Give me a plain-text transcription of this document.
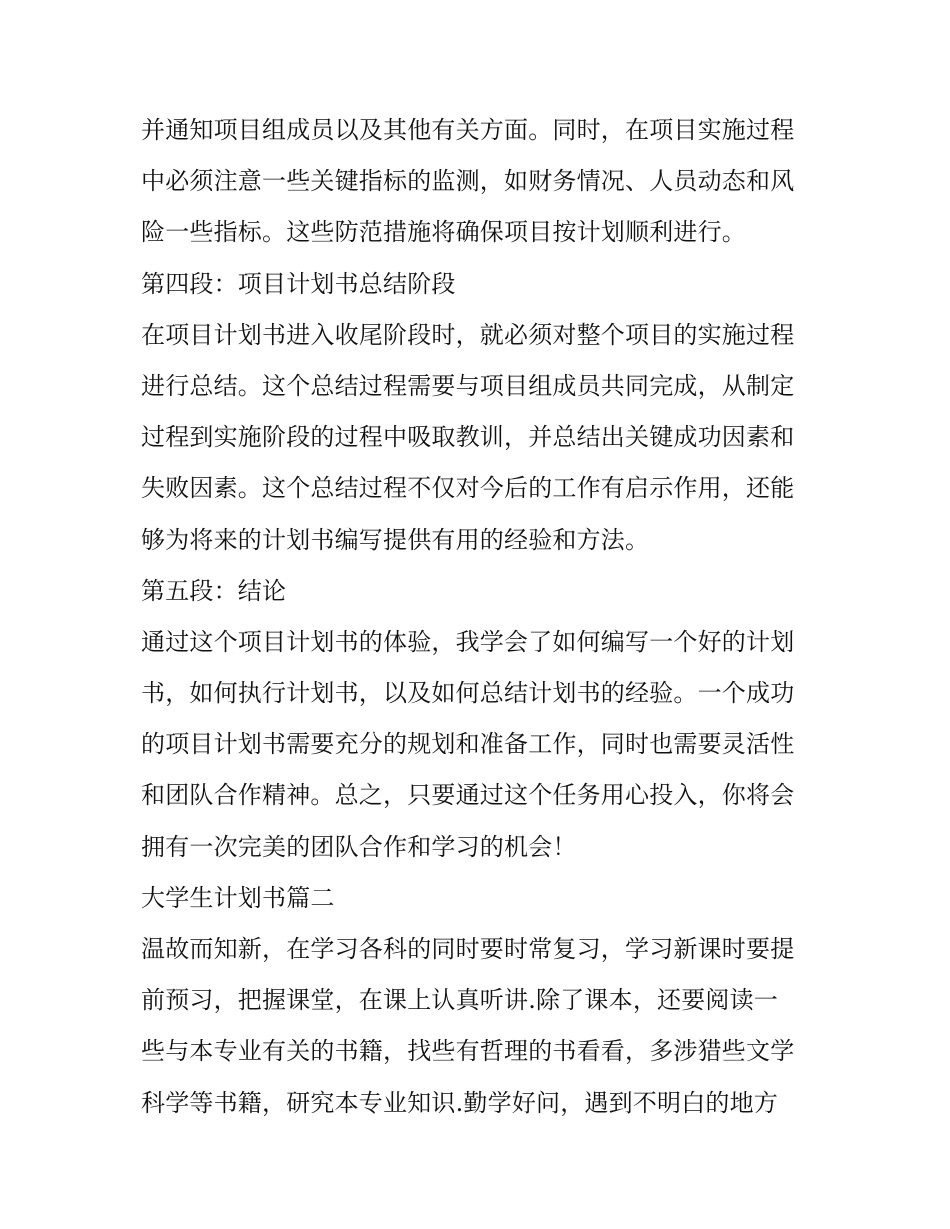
并通知项目组成员以及其他有关方面。同时，在项目实施过程
中必须注意一些关键指标的监测，如财务情况、人员动态和风
险一些指标。这些防范措施将确保项目按计划顺利进行。
第四段：项目计划书总结阶段
在项目计划书进入收尾阶段时，就必须对整个项目的实施过程
进行总结。这个总结过程需要与项目组成员共同完成，从制定
过程到实施阶段的过程中吸取教训，并总结出关键成功因素和
失败因素。这个总结过程不仅对今后的工作有启示作用，还能
够为将来的计划书编写提供有用的经验和方法。
第五段：结论
通过这个项目计划书的体验，我学会了如何编写一个好的计划
书，如何执行计划书，以及如何总结计划书的经验。一个成功
的项目计划书需要充分的规划和准备工作，同时也需要灵活性
和团队合作精神。总之，只要通过这个任务用心投入，你将会
拥有一次完美的团队合作和学习的机会！
大学生计划书篇二
温故而知新，在学习各科的同时要时常复习，学习新课时要提
前预习，把握课堂，在课上认真听讲.除了课本，还要阅读一
些与本专业有关的书籍，找些有哲理的书看看，多涉猎些文学
科学等书籍，研究本专业知识.勤学好问，遇到不明白的地方
